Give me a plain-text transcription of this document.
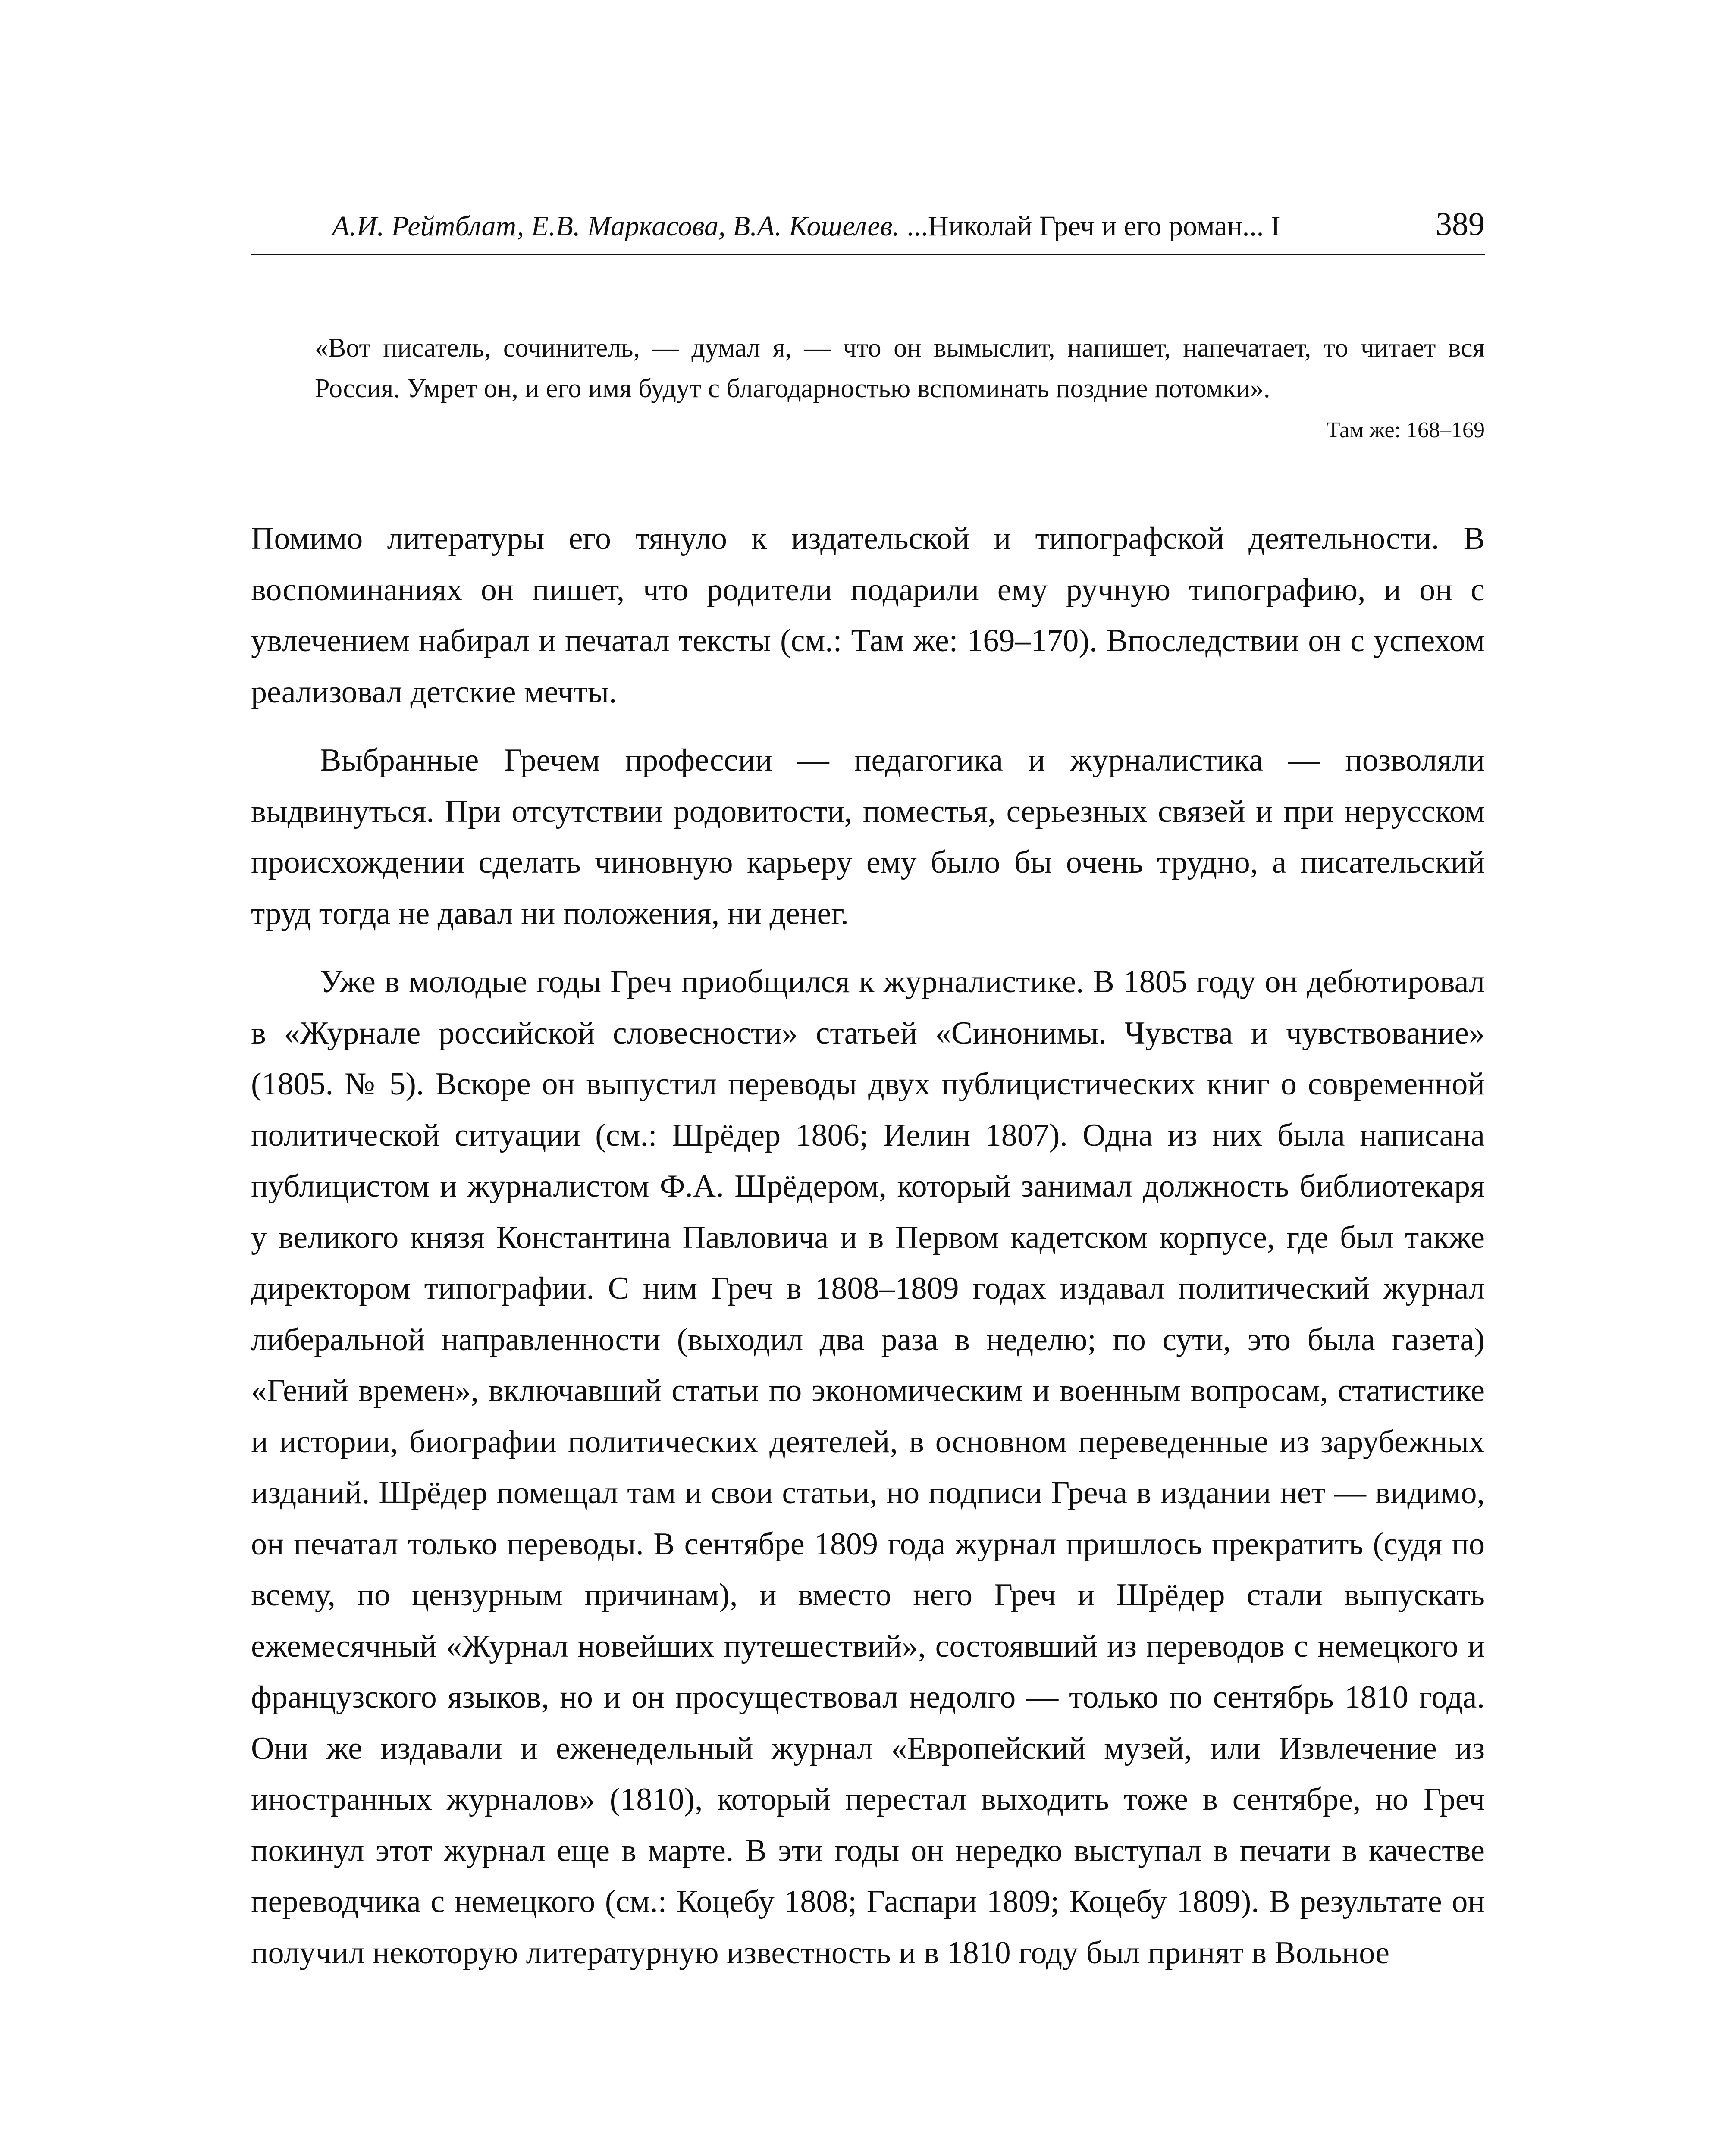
А.И. Рейтблат, Е.В. Маркасова, В.А. Кошелев. ...Николай Греч и его роман... I	389

«Вот писатель, сочинитель, — думал я, — что он вымыслит, напишет, напечатает, то читает вся Россия. Умрет он, и его имя будут с благодарностью вспоминать поздние потомки».

Там же: 168–169

Помимо литературы его тянуло к издательской и типографской деятельности. В воспоминаниях он пишет, что родители подарили ему ручную типографию, и он с увлечением набирал и печатал тексты (см.: Там же: 169–170). Впоследствии он с успехом реализовал детские мечты.

Выбранные Гречем профессии — педагогика и журналистика — позволяли выдвинуться. При отсутствии родовитости, поместья, серьезных связей и при нерусском происхождении сделать чиновную карьеру ему было бы очень трудно, а писательский труд тогда не давал ни положения, ни денег.

Уже в молодые годы Греч приобщился к журналистике. В 1805 году он дебютировал в «Журнале российской словесности» статьей «Синонимы. Чувства и чувствование» (1805. № 5). Вскоре он выпустил переводы двух публицистических книг о современной политической ситуации (см.: Шрёдер 1806; Иелин 1807). Одна из них была написана публицистом и журналистом Ф.А. Шрёдером, который занимал должность библиотекаря у великого князя Константина Павловича и в Первом кадетском корпусе, где был также директором типографии. С ним Греч в 1808–1809 годах издавал политический журнал либеральной направленности (выходил два раза в неделю; по сути, это была газета) «Гений времен», включавший статьи по экономическим и военным вопросам, статистике и истории, биографии политических деятелей, в основном переведенные из зарубежных изданий. Шрёдер помещал там и свои статьи, но подписи Греча в издании нет — видимо, он печатал только переводы. В сентябре 1809 года журнал пришлось прекратить (судя по всему, по цензурным причинам), и вместо него Греч и Шрёдер стали выпускать ежемесячный «Журнал новейших путешествий», состоявший из переводов с немецкого и французского языков, но и он просуществовал недолго — только по сентябрь 1810 года. Они же издавали и еженедельный журнал «Европейский музей, или Извлечение из иностранных журналов» (1810), который перестал выходить тоже в сентябре, но Греч покинул этот журнал еще в марте. В эти годы он нередко выступал в печати в качестве переводчика с немецкого (см.: Коцебу 1808; Гаспари 1809; Коцебу 1809). В результате он получил некоторую литературную известность и в 1810 году был принят в Вольное
